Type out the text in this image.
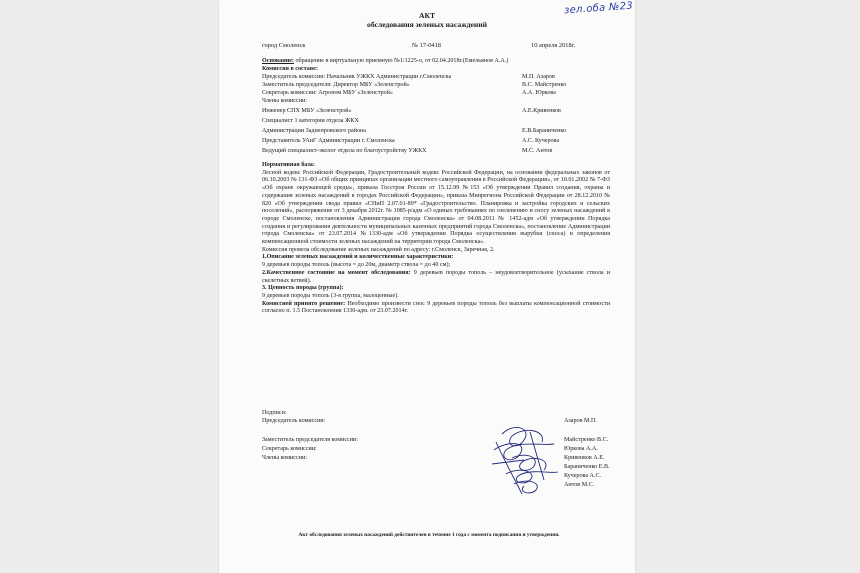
зел.оба №23
АКТ
обследования зеленых насаждений
город Смоленск	№ 17-0418	10 апреля 2018г.
Основание: обращение в виртуальную приемную №1/1225-о, от 02.04.2018г.(Емельянов А.А.)
Комиссия в составе:
Председатель комиссии: Начальник УЖКХ Администрации г.Смоленска	М.П. Азаров
Заместитель председателя: Директор МБУ «Зеленстрой»	В.С. Майстренко
Секретарь комиссии: Агроном МБУ «Зеленстрой»	А.А. Юркова
Члены комиссии:
Инженер СПХ МБУ «Зеленстрой»	А.Е.Кривенков
Специалист 1 категории отдела ЖКХ
Администрации Заднепровского района	Е.В.Бараниченко
Представитель УАиГ Администрации г. Смоленска	А.С. Кучерова
Ведущий специалист-эколог отдела по благоустройству УЖКХ	М.С. Антов

Нормативная база:

Лесной кодекс Российской Федерации, Градостроительный кодекс Российской Федерации, на основании федеральных законов от 06.10.2003 № 131-ФЗ «Об общих принципах организации местного самоуправления в Российской Федерации», от 10.01.2002 № 7-ФЗ «Об охране окружающей среды», приказа Госстроя России от 15.12.99 №153 «Об утверждении Правил создания, охраны и содержания зеленых насаждений в городах Российской Федерации», приказа Минрегиона Российской Федерации от 28.12.2010 № 820 «Об утверждении свода правил «СНиП 2.07.01-89* «Градостроительство. Планировка и застройка городских и сельских поселений», распоряжение от 3 декабря 2012г. № 1085-р/адм «О единых требованиях по озеленению и сносу зеленых насаждений в городе Смоленске, постановления Администрации города Смоленска» от 04.08.2011 № 1452-адм «Об утверждении Порядка создания и регулирования деятельности муниципальных казенных предприятий города Смоленска», постановление Администрации города Смоленска» от 23.07.2014 №1330-адм «Об утверждении Порядка осуществления вырубки (сноса) и определения компенсационной стоимости зеленых насаждений на территории города Смоленска».

Комиссия провела обследование зеленых насаждений по адресу: г.Смоленск, Заречная, 2.

1.Описание зеленых насаждений и количественные характеристики:

9 деревьев породы тополь (высота = до 20м, диаметр ствола = до 40 см);

2.Качественное состояние на момент обследования: 9 деревьев породы тополь – неудовлетворительное (усыхание ствола и скелетных ветвей).

3. Ценность породы (группа):

9 деревьев породы тополь (3-я группа, малоценные).

Комиссией принято решение: Необходимо произвести снос 9 деревьев породы тополь без выплаты компенсационной стоимости согласно п. 1.5 Постановления 1330-адм. от 23.07.2014г.

Подписи:
Председатель комиссии:	Азаров М.П.
Заместитель председателя комиссии:	Майстренко В.С.
Секретарь комиссии:	Юркова А.А.
Члены комиссии:	Кривенков А.Е.
Бараниченко Е.В.
Кучерова А.С.
Антов М.С.
Акт обследования зеленых насаждений действителен в течение 1 года с момента подписания и утверждения.
